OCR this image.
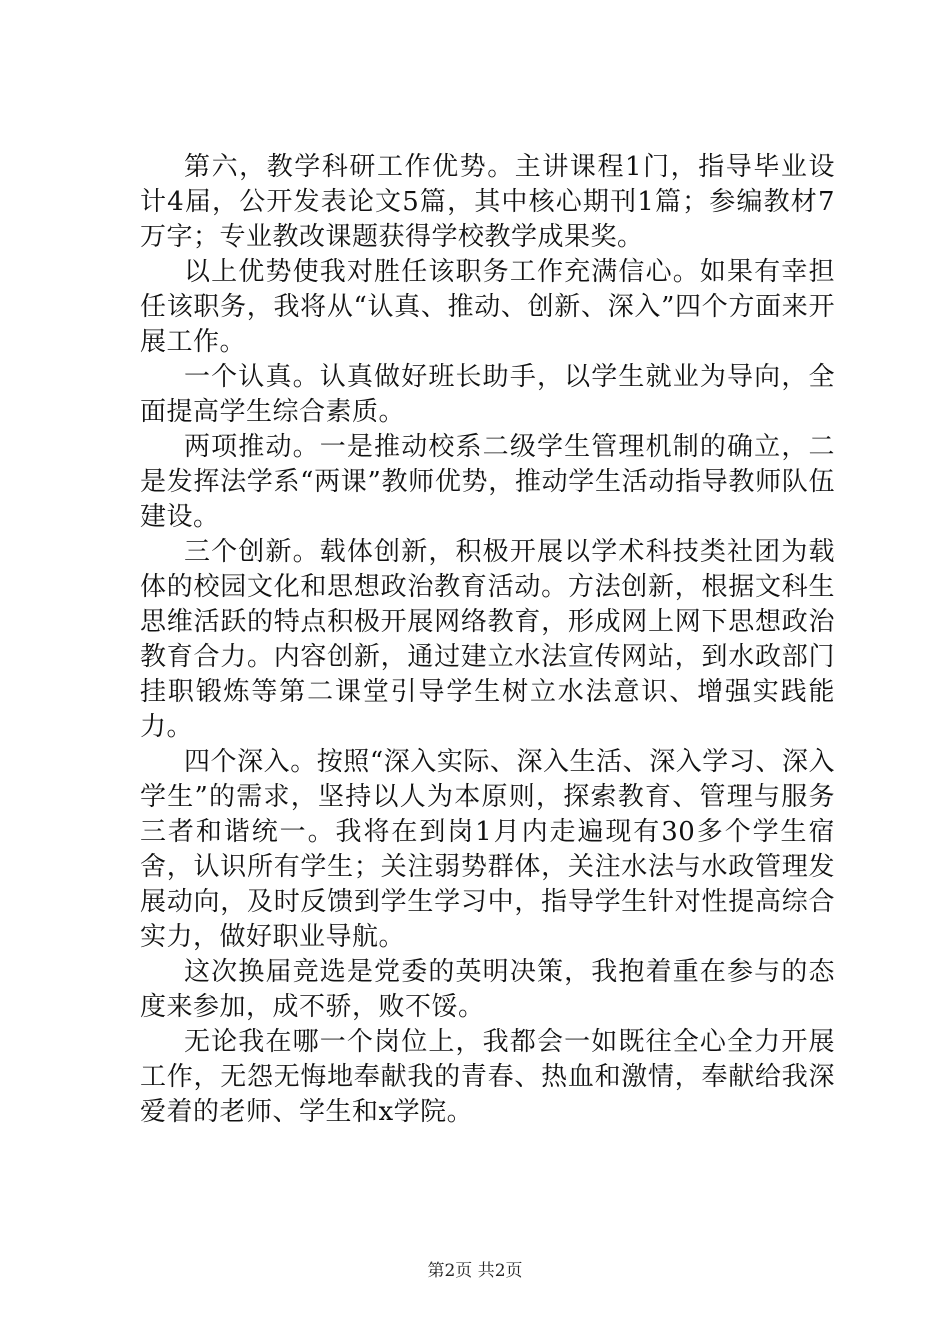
第六，教学科研工作优势。主讲课程1门，指导毕业设计4届，公开发表论文5篇，其中核心期刊1篇；参编教材7万字；专业教改课题获得学校教学成果奖。

以上优势使我对胜任该职务工作充满信心。如果有幸担任该职务，我将从“认真、推动、创新、深入”四个方面来开展工作。

一个认真。认真做好班长助手，以学生就业为导向，全面提高学生综合素质。

两项推动。一是推动校系二级学生管理机制的确立，二是发挥法学系“两课”教师优势，推动学生活动指导教师队伍建设。

三个创新。载体创新，积极开展以学术科技类社团为载体的校园文化和思想政治教育活动。方法创新，根据文科生思维活跃的特点积极开展网络教育，形成网上网下思想政治教育合力。内容创新，通过建立水法宣传网站，到水政部门挂职锻炼等第二课堂引导学生树立水法意识、增强实践能力。

四个深入。按照“深入实际、深入生活、深入学习、深入学生”的需求，坚持以人为本原则，探索教育、管理与服务三者和谐统一。我将在到岗1月内走遍现有30多个学生宿舍，认识所有学生；关注弱势群体，关注水法与水政管理发展动向，及时反馈到学生学习中，指导学生针对性提高综合实力，做好职业导航。

这次换届竞选是党委的英明决策，我抱着重在参与的态度来参加，成不骄，败不馁。

无论我在哪一个岗位上，我都会一如既往全心全力开展工作，无怨无悔地奉献我的青春、热血和激情，奉献给我深爱着的老师、学生和x学院。

第2页 共2页
